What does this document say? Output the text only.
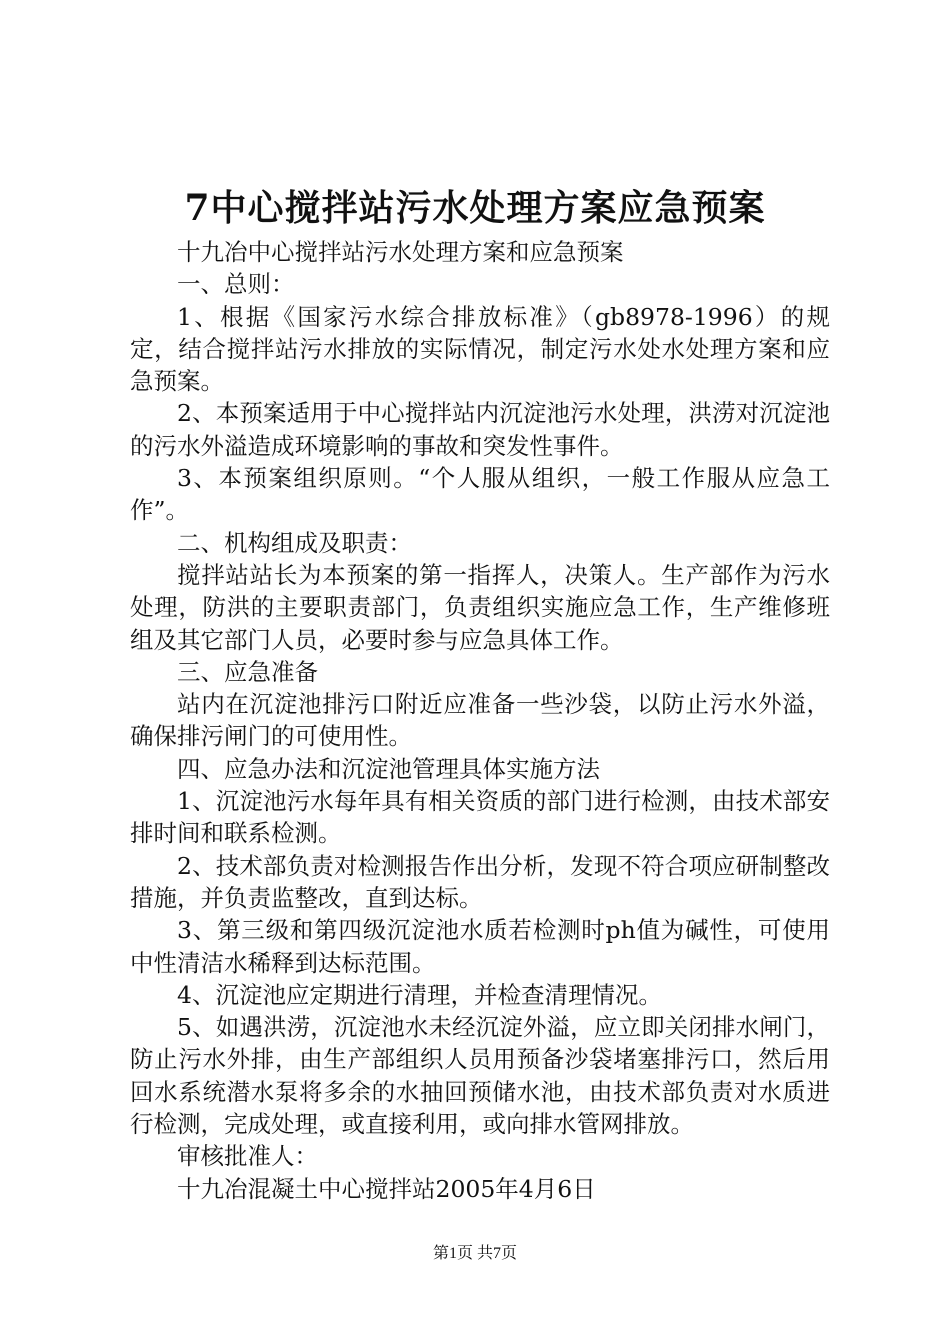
7中心搅拌站污水处理方案应急预案

十九冶中心搅拌站污水处理方案和应急预案

一、总则：

1、根据《国家污水综合排放标准》（gb8978-1996）的规定，结合搅拌站污水排放的实际情况，制定污水处水处理方案和应急预案。

2、本预案适用于中心搅拌站内沉淀池污水处理，洪涝对沉淀池的污水外溢造成环境影响的事故和突发性事件。

3、本预案组织原则。“个人服从组织，一般工作服从应急工作”。

二、机构组成及职责：

搅拌站站长为本预案的第一指挥人，决策人。生产部作为污水处理，防洪的主要职责部门，负责组织实施应急工作，生产维修班组及其它部门人员，必要时参与应急具体工作。

三、应急准备

站内在沉淀池排污口附近应准备一些沙袋，以防止污水外溢，确保排污闸门的可使用性。

四、应急办法和沉淀池管理具体实施方法

1、沉淀池污水每年具有相关资质的部门进行检测，由技术部安排时间和联系检测。

2、技术部负责对检测报告作出分析，发现不符合项应研制整改措施，并负责监整改，直到达标。

3、第三级和第四级沉淀池水质若检测时ph值为碱性，可使用中性清洁水稀释到达标范围。

4、沉淀池应定期进行清理，并检查清理情况。

5、如遇洪涝，沉淀池水未经沉淀外溢，应立即关闭排水闸门，防止污水外排，由生产部组织人员用预备沙袋堵塞排污口，然后用回水系统潜水泵将多余的水抽回预储水池，由技术部负责对水质进行检测，完成处理，或直接利用，或向排水管网排放。

审核批准人：

十九冶混凝土中心搅拌站2005年4月6日

第1页 共7页
